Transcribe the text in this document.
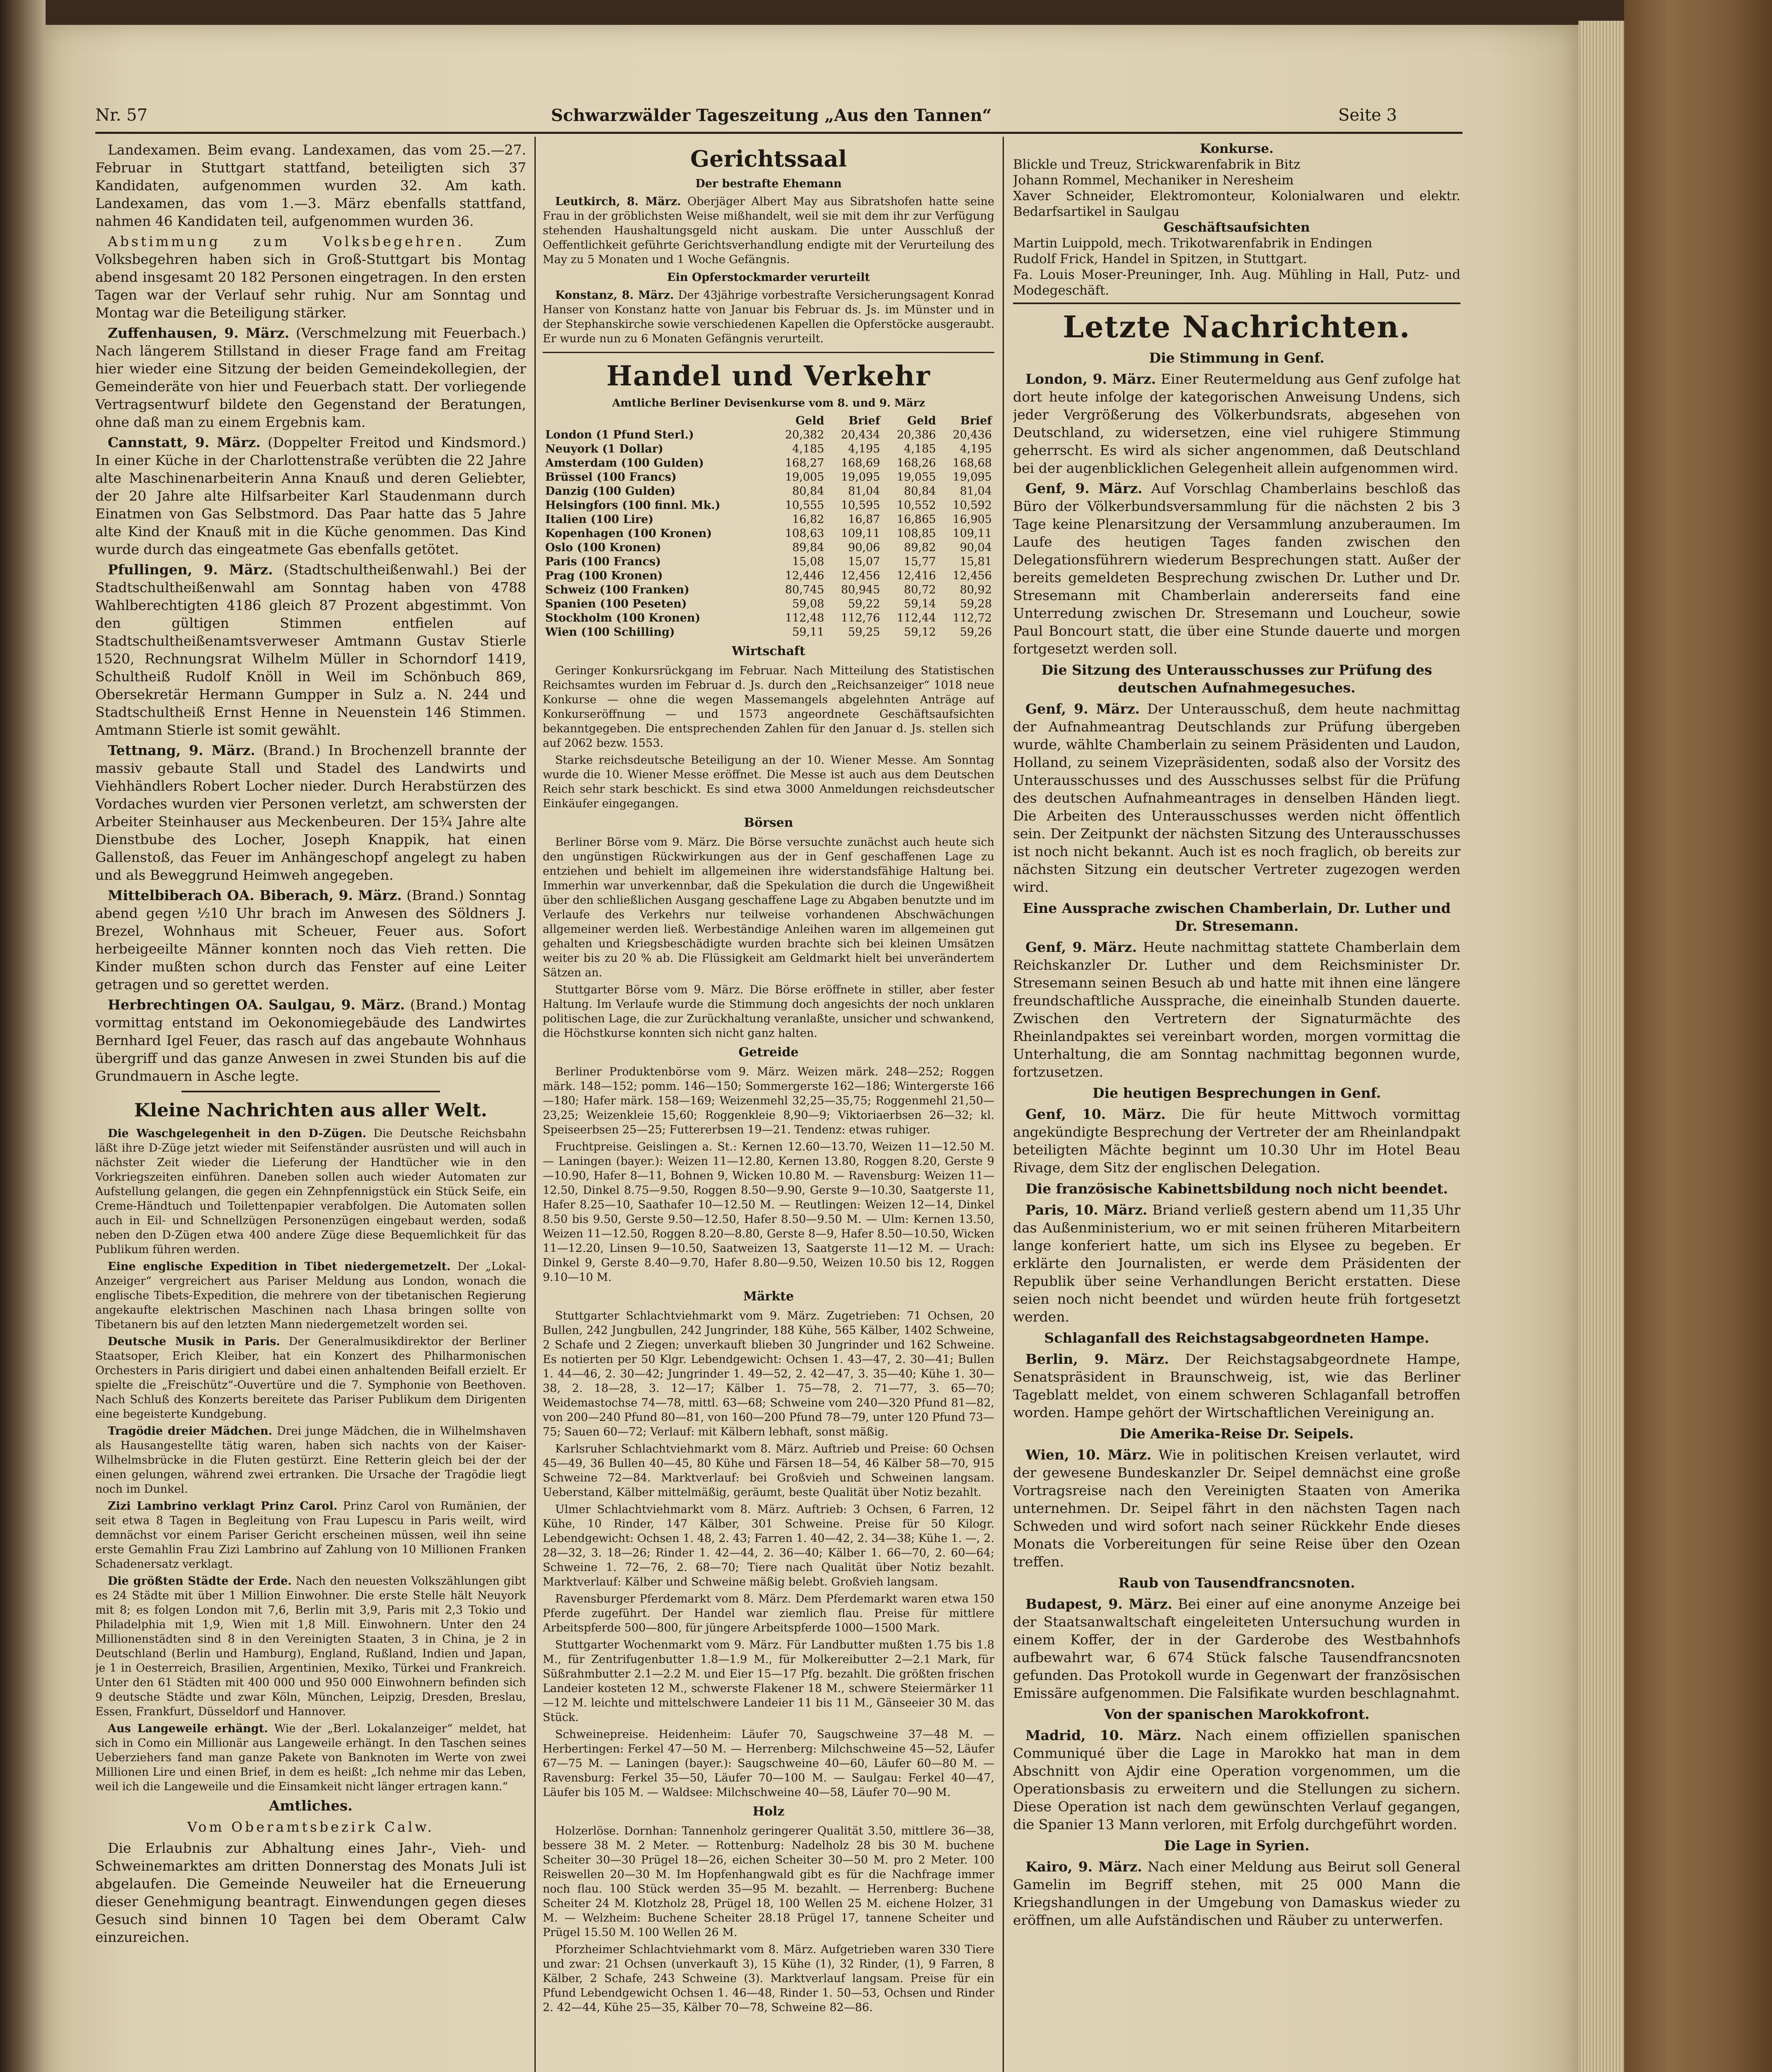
Nr. 57	Schwarzwälder Tageszeitung „Aus den Tannen“	Seite 3

Landexamen. Beim evang. Landexamen, das vom 25.—27. Februar in Stuttgart stattfand, beteiligten sich 37 Kandidaten, aufgenommen wurden 32. Am kath. Landexamen, das vom 1.—3. März ebenfalls stattfand, nahmen 46 Kandidaten teil, aufgenommen wurden 36.

Abstimmung zum Volksbegehren. Zum Volksbegehren haben sich in Groß-Stuttgart bis Montag abend insgesamt 20 182 Personen eingetragen. In den ersten Tagen war der Verlauf sehr ruhig. Nur am Sonntag und Montag war die Beteiligung stärker.

Zuffenhausen, 9. März. (Verschmelzung mit Feuerbach.) Nach längerem Stillstand in dieser Frage fand am Freitag hier wieder eine Sitzung der beiden Gemeindekollegien, der Gemeinderäte von hier und Feuerbach statt. Der vorliegende Vertragsentwurf bildete den Gegenstand der Beratungen, ohne daß man zu einem Ergebnis kam.

Cannstatt, 9. März. (Doppelter Freitod und Kindsmord.) In einer Küche in der Charlottenstraße verübten die 22 Jahre alte Maschinenarbeiterin Anna Knauß und deren Geliebter, der 20 Jahre alte Hilfsarbeiter Karl Staudenmann durch Einatmen von Gas Selbstmord. Das Paar hatte das 5 Jahre alte Kind der Knauß mit in die Küche genommen. Das Kind wurde durch das eingeatmete Gas ebenfalls getötet.

Pfullingen, 9. März. (Stadtschultheißenwahl.) Bei der Stadtschultheißenwahl am Sonntag haben von 4788 Wahlberechtigten 4186 gleich 87 Prozent abgestimmt. Von den gültigen Stimmen entfielen auf Stadtschultheißenamtsverweser Amtmann Gustav Stierle 1520, Rechnungsrat Wilhelm Müller in Schorndorf 1419, Schultheiß Rudolf Knöll in Weil im Schönbuch 869, Obersekretär Hermann Gumpper in Sulz a. N. 244 und Stadtschultheiß Ernst Henne in Neuenstein 146 Stimmen. Amtmann Stierle ist somit gewählt.

Tettnang, 9. März. (Brand.) In Brochenzell brannte der massiv gebaute Stall und Stadel des Landwirts und Viehhändlers Robert Locher nieder. Durch Herabstürzen des Vordaches wurden vier Personen verletzt, am schwersten der Arbeiter Steinhauser aus Meckenbeuren. Der 15¾ Jahre alte Dienstbube des Locher, Joseph Knappik, hat einen Gallenstoß, das Feuer im Anhängeschopf angelegt zu haben und als Beweggrund Heimweh angegeben.

Mittelbiberach OA. Biberach, 9. März. (Brand.) Sonntag abend gegen ½10 Uhr brach im Anwesen des Söldners J. Brezel, Wohnhaus mit Scheuer, Feuer aus. Sofort herbeigeeilte Männer konnten noch das Vieh retten. Die Kinder mußten schon durch das Fenster auf eine Leiter getragen und so gerettet werden.

Herbrechtingen OA. Saulgau, 9. März. (Brand.) Montag vormittag entstand im Oekonomiegebäude des Landwirtes Bernhard Igel Feuer, das rasch auf das angebaute Wohnhaus übergriff und das ganze Anwesen in zwei Stunden bis auf die Grundmauern in Asche legte.

Kleine Nachrichten aus aller Welt.

Die Waschgelegenheit in den D-Zügen. Die Deutsche Reichsbahn läßt ihre D-Züge jetzt wieder mit Seifenständer ausrüsten und will auch in nächster Zeit wieder die Lieferung der Handtücher wie in den Vorkriegszeiten einführen. Daneben sollen auch wieder Automaten zur Aufstellung gelangen, die gegen ein Zehnpfennigstück ein Stück Seife, ein Creme-Händtuch und Toilettenpapier verabfolgen. Die Automaten sollen auch in Eil- und Schnellzügen Personenzügen eingebaut werden, sodaß neben den D-Zügen etwa 400 andere Züge diese Bequemlichkeit für das Publikum führen werden.

Eine englische Expedition in Tibet niedergemetzelt. Der „Lokal-Anzeiger“ vergreichert aus Pariser Meldung aus London, wonach die englische Tibets-Expedition, die mehrere von der tibetanischen Regierung angekaufte elektrischen Maschinen nach Lhasa bringen sollte von Tibetanern bis auf den letzten Mann niedergemetzelt worden sei.

Deutsche Musik in Paris. Der Generalmusikdirektor der Berliner Staatsoper, Erich Kleiber, hat ein Konzert des Philharmonischen Orchesters in Paris dirigiert und dabei einen anhaltenden Beifall erzielt. Er spielte die „Freischütz“-Ouvertüre und die 7. Symphonie von Beethoven. Nach Schluß des Konzerts bereitete das Pariser Publikum dem Dirigenten eine begeisterte Kundgebung.

Tragödie dreier Mädchen. Drei junge Mädchen, die in Wilhelmshaven als Hausangestellte tätig waren, haben sich nachts von der Kaiser-Wilhelmsbrücke in die Fluten gestürzt. Eine Retterin gleich bei der der einen gelungen, während zwei ertranken. Die Ursache der Tragödie liegt noch im Dunkel.

Zizi Lambrino verklagt Prinz Carol. Prinz Carol von Rumänien, der seit etwa 8 Tagen in Begleitung von Frau Lupescu in Paris weilt, wird demnächst vor einem Pariser Gericht erscheinen müssen, weil ihn seine erste Gemahlin Frau Zizi Lambrino auf Zahlung von 10 Millionen Franken Schadenersatz verklagt.

Die größten Städte der Erde. Nach den neuesten Volkszählungen gibt es 24 Städte mit über 1 Million Einwohner. Die erste Stelle hält Neuyork mit 8; es folgen London mit 7,6, Berlin mit 3,9, Paris mit 2,3 Tokio und Philadelphia mit 1,9, Wien mit 1,8 Mill. Einwohnern. Unter den 24 Millionenstädten sind 8 in den Vereinigten Staaten, 3 in China, je 2 in Deutschland (Berlin und Hamburg), England, Rußland, Indien und Japan, je 1 in Oesterreich, Brasilien, Argentinien, Mexiko, Türkei und Frankreich. Unter den 61 Städten mit 400 000 und 950 000 Einwohnern befinden sich 9 deutsche Städte und zwar Köln, München, Leipzig, Dresden, Breslau, Essen, Frankfurt, Düsseldorf und Hannover.

Aus Langeweile erhängt. Wie der „Berl. Lokalanzeiger“ meldet, hat sich in Como ein Millionär aus Langeweile erhängt. In den Taschen seines Ueberziehers fand man ganze Pakete von Banknoten im Werte von zwei Millionen Lire und einen Brief, in dem es heißt: „Ich nehme mir das Leben, weil ich die Langeweile und die Einsamkeit nicht länger ertragen kann.“

Amtliches.

Vom Oberamtsbezirk Calw.

Die Erlaubnis zur Abhaltung eines Jahr-, Vieh- und Schweinemarktes am dritten Donnerstag des Monats Juli ist abgelaufen. Die Gemeinde Neuweiler hat die Erneuerung dieser Genehmigung beantragt. Einwendungen gegen dieses Gesuch sind binnen 10 Tagen bei dem Oberamt Calw einzureichen.

Gerichtssaal

Der bestrafte Ehemann

Leutkirch, 8. März. Oberjäger Albert May aus Sibratshofen hatte seine Frau in der gröblichsten Weise mißhandelt, weil sie mit dem ihr zur Verfügung stehenden Haushaltungsgeld nicht auskam. Die unter Ausschluß der Oeffentlichkeit geführte Gerichtsverhandlung endigte mit der Verurteilung des May zu 5 Monaten und 1 Woche Gefängnis.

Ein Opferstockmarder verurteilt

Konstanz, 8. März. Der 43jährige vorbestrafte Versicherungsagent Konrad Hanser von Konstanz hatte von Januar bis Februar ds. Js. im Münster und in der Stephanskirche sowie verschiedenen Kapellen die Opferstöcke ausgeraubt. Er wurde nun zu 6 Monaten Gefängnis verurteilt.

Handel und Verkehr

Amtliche Berliner Devisenkurse vom 8. und 9. März

	Geld	Brief	Geld	Brief
London (1 Pfund Sterl.)	20,382	20,434	20,386	20,436
Neuyork (1 Dollar)	4,185	4,195	4,185	4,195
Amsterdam (100 Gulden)	168,27	168,69	168,26	168,68
Brüssel (100 Francs)	19,005	19,095	19,055	19,095
Danzig (100 Gulden)	80,84	81,04	80,84	81,04
Helsingfors (100 finnl. Mk.)	10,555	10,595	10,552	10,592
Italien (100 Lire)	16,82	16,87	16,865	16,905
Kopenhagen (100 Kronen)	108,63	109,11	108,85	109,11
Oslo (100 Kronen)	89,84	90,06	89,82	90,04
Paris (100 Francs)	15,08	15,07	15,77	15,81
Prag (100 Kronen)	12,446	12,456	12,416	12,456
Schweiz (100 Franken)	80,745	80,945	80,72	80,92
Spanien (100 Peseten)	59,08	59,22	59,14	59,28
Stockholm (100 Kronen)	112,48	112,76	112,44	112,72
Wien (100 Schilling)	59,11	59,25	59,12	59,26

Wirtschaft

Geringer Konkursrückgang im Februar. Nach Mitteilung des Statistischen Reichsamtes wurden im Februar d. Js. durch den „Reichsanzeiger“ 1018 neue Konkurse — ohne die wegen Massemangels abgelehnten Anträge auf Konkurseröffnung — und 1573 angeordnete Geschäftsaufsichten bekanntgegeben. Die entsprechenden Zahlen für den Januar d. Js. stellen sich auf 2062 bezw. 1553.

Starke reichsdeutsche Beteiligung an der 10. Wiener Messe. Am Sonntag wurde die 10. Wiener Messe eröffnet. Die Messe ist auch aus dem Deutschen Reich sehr stark beschickt. Es sind etwa 3000 Anmeldungen reichsdeutscher Einkäufer eingegangen.

Börsen

Berliner Börse vom 9. März. Die Börse versuchte zunächst auch heute sich den ungünstigen Rückwirkungen aus der in Genf geschaffenen Lage zu entziehen und behielt im allgemeinen ihre widerstandsfähige Haltung bei. Immerhin war unverkennbar, daß die Spekulation die durch die Ungewißheit über den schließlichen Ausgang geschaffene Lage zu Abgaben benutzte und im Verlaufe des Verkehrs nur teilweise vorhandenen Abschwächungen allgemeiner werden ließ. Werbeständige Anleihen waren im allgemeinen gut gehalten und Kriegsbeschädigte wurden brachte sich bei kleinen Umsätzen weiter bis zu 20 % ab. Die Flüssigkeit am Geldmarkt hielt bei unverändertem Sätzen an.

Stuttgarter Börse vom 9. März. Die Börse eröffnete in stiller, aber fester Haltung. Im Verlaufe wurde die Stimmung doch angesichts der noch unklaren politischen Lage, die zur Zurückhaltung veranlaßte, unsicher und schwankend, die Höchstkurse konnten sich nicht ganz halten.

Getreide

Berliner Produktenbörse vom 9. März. Weizen märk. 248—252; Roggen märk. 148—152; pomm. 146—150; Sommergerste 162—186; Wintergerste 166—180; Hafer märk. 158—169; Weizenmehl 32,25—35,75; Roggenmehl 21,50—23,25; Weizenkleie 15,60; Roggenkleie 8,90—9; Viktoriaerbsen 26—32; kl. Speiseerbsen 25—25; Futtererbsen 19—21. Tendenz: etwas ruhiger.

Fruchtpreise. Geislingen a. St.: Kernen 12.60—13.70, Weizen 11—12.50 M. — Laningen (bayer.): Weizen 11—12.80, Kernen 13.80, Roggen 8.20, Gerste 9—10.90, Hafer 8—11, Bohnen 9, Wicken 10.80 M. — Ravensburg: Weizen 11—12.50, Dinkel 8.75—9.50, Roggen 8.50—9.90, Gerste 9—10.30, Saatgerste 11, Hafer 8.25—10, Saathafer 10—12.50 M. — Reutlingen: Weizen 12—14, Dinkel 8.50 bis 9.50, Gerste 9.50—12.50, Hafer 8.50—9.50 M. — Ulm: Kernen 13.50, Weizen 11—12.50, Roggen 8.20—8.80, Gerste 8—9, Hafer 8.50—10.50, Wicken 11—12.20, Linsen 9—10.50, Saatweizen 13, Saatgerste 11—12 M. — Urach: Dinkel 9, Gerste 8.40—9.70, Hafer 8.80—9.50, Weizen 10.50 bis 12, Roggen 9.10—10 M.

Märkte

Stuttgarter Schlachtviehmarkt vom 9. März. Zugetrieben: 71 Ochsen, 20 Bullen, 242 Jungbullen, 242 Jungrinder, 188 Kühe, 565 Kälber, 1402 Schweine, 2 Schafe und 2 Ziegen; unverkauft blieben 30 Jungrinder und 162 Schweine. Es notierten per 50 Klgr. Lebendgewicht: Ochsen 1. 43—47, 2. 30—41; Bullen 1. 44—46, 2. 30—42; Jungrinder 1. 49—52, 2. 42—47, 3. 35—40; Kühe 1. 30—38, 2. 18—28, 3. 12—17; Kälber 1. 75—78, 2. 71—77, 3. 65—70; Weidemastochse 74—78, mittl. 63—68; Schweine vom 240—320 Pfund 81—82, von 200—240 Pfund 80—81, von 160—200 Pfund 78—79, unter 120 Pfund 73—75; Sauen 60—72; Verlauf: mit Kälbern lebhaft, sonst mäßig.

Karlsruher Schlachtviehmarkt vom 8. März. Auftrieb und Preise: 60 Ochsen 45—49, 36 Bullen 40—45, 80 Kühe und Färsen 18—54, 46 Kälber 58—70, 915 Schweine 72—84. Marktverlauf: bei Großvieh und Schweinen langsam. Ueberstand, Kälber mittelmäßig, geräumt, beste Qualität über Notiz bezahlt.

Ulmer Schlachtviehmarkt vom 8. März. Auftrieb: 3 Ochsen, 6 Farren, 12 Kühe, 10 Rinder, 147 Kälber, 301 Schweine. Preise für 50 Kilogr. Lebendgewicht: Ochsen 1. 48, 2. 43; Farren 1. 40—42, 2. 34—38; Kühe 1. —, 2. 28—32, 3. 18—26; Rinder 1. 42—44, 2. 36—40; Kälber 1. 66—70, 2. 60—64; Schweine 1. 72—76, 2. 68—70; Tiere nach Qualität über Notiz bezahlt. Marktverlauf: Kälber und Schweine mäßig belebt. Großvieh langsam.

Ravensburger Pferdemarkt vom 8. März. Dem Pferdemarkt waren etwa 150 Pferde zugeführt. Der Handel war ziemlich flau. Preise für mittlere Arbeitspferde 500—800, für jüngere Arbeitspferde 1000—1500 Mark.

Stuttgarter Wochenmarkt vom 9. März. Für Landbutter mußten 1.75 bis 1.8 M., für Zentrifugenbutter 1.8—1.9 M., für Molkereibutter 2—2.1 Mark, für Süßrahmbutter 2.1—2.2 M. und Eier 15—17 Pfg. bezahlt. Die größten frischen Landeier kosteten 12 M., schwerste Flakener 18 M., schwere Steiermärker 11—12 M. leichte und mittelschwere Landeier 11 bis 11 M., Gänseeier 30 M. das Stück.

Schweinepreise. Heidenheim: Läufer 70, Saugschweine 37—48 M. — Herbertingen: Ferkel 47—50 M. — Herrenberg: Milchschweine 45—52, Läufer 67—75 M. — Laningen (bayer.): Saugschweine 40—60, Läufer 60—80 M. — Ravensburg: Ferkel 35—50, Läufer 70—100 M. — Saulgau: Ferkel 40—47, Läufer bis 105 M. — Waldsee: Milchschweine 40—58, Läufer 70—90 M.

Holz

Holzerlöse. Dornhan: Tannenholz geringerer Qualität 3.50, mittlere 36—38, bessere 38 M. 2 Meter. — Rottenburg: Nadelholz 28 bis 30 M. buchene Scheiter 30—30 Prügel 18—26, eichen Scheiter 30—50 M. pro 2 Meter. 100 Reiswellen 20—30 M. Im Hopfenhangwald gibt es für die Nachfrage immer noch flau. 100 Stück werden 35—95 M. bezahlt. — Herrenberg: Buchene Scheiter 24 M. Klotzholz 28, Prügel 18, 100 Wellen 25 M. eichene Holzer, 31 M. — Welzheim: Buchene Scheiter 28.18 Prügel 17, tannene Scheiter und Prügel 15.50 M. 100 Wellen 26 M.

Pforzheimer Schlachtviehmarkt vom 8. März. Aufgetrieben waren 330 Tiere und zwar: 21 Ochsen (unverkauft 3), 15 Kühe (1), 32 Rinder, (1), 9 Farren, 8 Kälber, 2 Schafe, 243 Schweine (3). Marktverlauf langsam. Preise für ein Pfund Lebendgewicht Ochsen 1. 46—48, Rinder 1. 50—53, Ochsen und Rinder 2. 42—44, Kühe 25—35, Kälber 70—78, Schweine 82—86.

Konkurse.
Blickle und Treuz, Strickwarenfabrik in Bitz
Johann Rommel, Mechaniker in Neresheim
Xaver Schneider, Elektromonteur, Kolonialwaren und elektr. Bedarfsartikel in Saulgau
Geschäftsaufsichten
Martin Luippold, mech. Trikotwarenfabrik in Endingen
Rudolf Frick, Handel in Spitzen, in Stuttgart.
Fa. Louis Moser-Preuninger, Inh. Aug. Mühling in Hall, Putz- und Modegeschäft.

Letzte Nachrichten.

Die Stimmung in Genf.

London, 9. März. Einer Reutermeldung aus Genf zufolge hat dort heute infolge der kategorischen Anweisung Undens, sich jeder Vergrößerung des Völkerbundsrats, abgesehen von Deutschland, zu widersetzen, eine viel ruhigere Stimmung geherrscht. Es wird als sicher angenommen, daß Deutschland bei der augenblicklichen Gelegenheit allein aufgenommen wird.

Genf, 9. März. Auf Vorschlag Chamberlains beschloß das Büro der Völkerbundsversammlung für die nächsten 2 bis 3 Tage keine Plenarsitzung der Versammlung anzuberaumen. Im Laufe des heutigen Tages fanden zwischen den Delegationsführern wiederum Besprechungen statt. Außer der bereits gemeldeten Besprechung zwischen Dr. Luther und Dr. Stresemann mit Chamberlain andererseits fand eine Unterredung zwischen Dr. Stresemann und Loucheur, sowie Paul Boncourt statt, die über eine Stunde dauerte und morgen fortgesetzt werden soll.

Die Sitzung des Unterausschusses zur Prüfung des deutschen Aufnahmegesuches.

Genf, 9. März. Der Unterausschuß, dem heute nachmittag der Aufnahmeantrag Deutschlands zur Prüfung übergeben wurde, wählte Chamberlain zu seinem Präsidenten und Laudon, Holland, zu seinem Vizepräsidenten, sodaß also der Vorsitz des Unterausschusses und des Ausschusses selbst für die Prüfung des deutschen Aufnahmeantrages in denselben Händen liegt. Die Arbeiten des Unterausschusses werden nicht öffentlich sein. Der Zeitpunkt der nächsten Sitzung des Unterausschusses ist noch nicht bekannt. Auch ist es noch fraglich, ob bereits zur nächsten Sitzung ein deutscher Vertreter zugezogen werden wird.

Eine Aussprache zwischen Chamberlain, Dr. Luther und Dr. Stresemann.

Genf, 9. März. Heute nachmittag stattete Chamberlain dem Reichskanzler Dr. Luther und dem Reichsminister Dr. Stresemann seinen Besuch ab und hatte mit ihnen eine längere freundschaftliche Aussprache, die eineinhalb Stunden dauerte. Zwischen den Vertretern der Signaturmächte des Rheinlandpaktes sei vereinbart worden, morgen vormittag die Unterhaltung, die am Sonntag nachmittag begonnen wurde, fortzusetzen.

Die heutigen Besprechungen in Genf.

Genf, 10. März. Die für heute Mittwoch vormittag angekündigte Besprechung der Vertreter der am Rheinlandpakt beteiligten Mächte beginnt um 10.30 Uhr im Hotel Beau Rivage, dem Sitz der englischen Delegation.

Die französische Kabinettsbildung noch nicht beendet.

Paris, 10. März. Briand verließ gestern abend um 11,35 Uhr das Außenministerium, wo er mit seinen früheren Mitarbeitern lange konferiert hatte, um sich ins Elysee zu begeben. Er erklärte den Journalisten, er werde dem Präsidenten der Republik über seine Verhandlungen Bericht erstatten. Diese seien noch nicht beendet und würden heute früh fortgesetzt werden.

Schlaganfall des Reichstagsabgeordneten Hampe.

Berlin, 9. März. Der Reichstagsabgeordnete Hampe, Senatspräsident in Braunschweig, ist, wie das Berliner Tageblatt meldet, von einem schweren Schlaganfall betroffen worden. Hampe gehört der Wirtschaftlichen Vereinigung an.

Die Amerika-Reise Dr. Seipels.

Wien, 10. März. Wie in politischen Kreisen verlautet, wird der gewesene Bundeskanzler Dr. Seipel demnächst eine große Vortragsreise nach den Vereinigten Staaten von Amerika unternehmen. Dr. Seipel fährt in den nächsten Tagen nach Schweden und wird sofort nach seiner Rückkehr Ende dieses Monats die Vorbereitungen für seine Reise über den Ozean treffen.

Raub von Tausendfrancsnoten.

Budapest, 9. März. Bei einer auf eine anonyme Anzeige bei der Staatsanwaltschaft eingeleiteten Untersuchung wurden in einem Koffer, der in der Garderobe des Westbahnhofs aufbewahrt war, 6 674 Stück falsche Tausendfrancsnoten gefunden. Das Protokoll wurde in Gegenwart der französischen Emissäre aufgenommen. Die Falsifikate wurden beschlagnahmt.

Von der spanischen Marokkofront.

Madrid, 10. März. Nach einem offiziellen spanischen Communiqué über die Lage in Marokko hat man in dem Abschnitt von Ajdir eine Operation vorgenommen, um die Operationsbasis zu erweitern und die Stellungen zu sichern. Diese Operation ist nach dem gewünschten Verlauf gegangen, die Spanier 13 Mann verloren, mit Erfolg durchgeführt worden.

Die Lage in Syrien.

Kairo, 9. März. Nach einer Meldung aus Beirut soll General Gamelin im Begriff stehen, mit 25 000 Mann die Kriegshandlungen in der Umgebung von Damaskus wieder zu eröffnen, um alle Aufständischen und Räuber zu unterwerfen.
